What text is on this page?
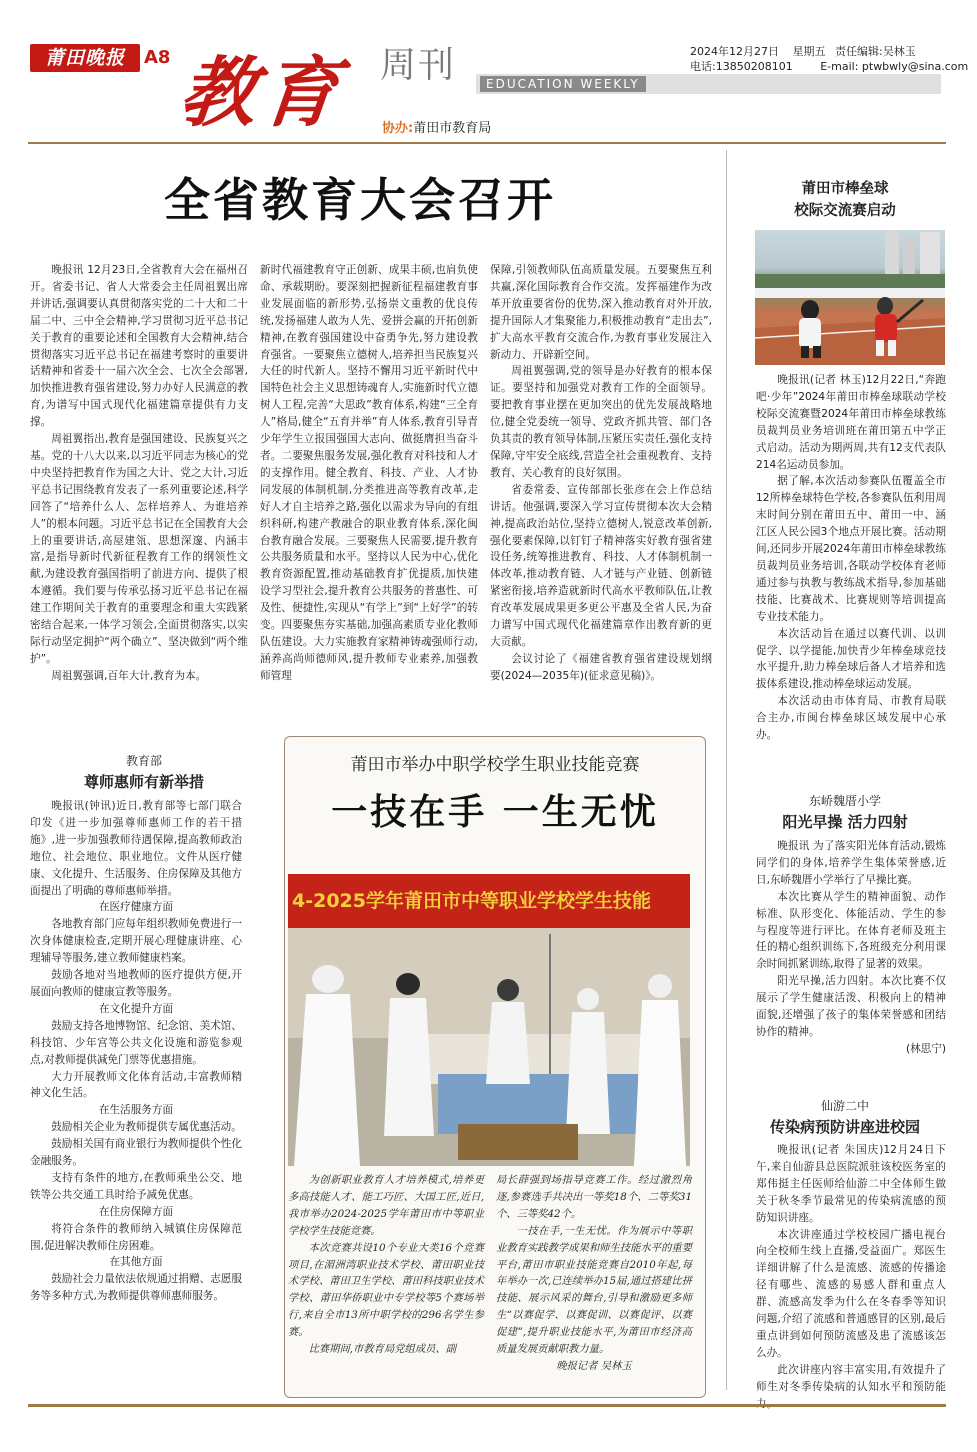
莆田晚报	A8 教育 周刊	EDUCATION WEEKLY
协办:莆田市教育局
2024年12月27日 星期五 责任编辑:吴林玉
电话:13850208101	E-mail: ptwbwly@sina.com
全省教育大会召开

晚报讯 12月23日,全省教育大会在福州召开。省委书记、省人大常委会主任周祖翼出席并讲话,强调要认真贯彻落实党的二十大和二十届二中、三中全会精神,学习贯彻习近平总书记关于教育的重要论述和全国教育大会精神,结合贯彻落实习近平总书记在福建考察时的重要讲话精神和省委十一届六次全会、七次全会部署,加快推进教育强省建设,努力办好人民满意的教育,为谱写中国式现代化福建篇章提供有力支撑。

周祖翼指出,教育是强国建设、民族复兴之基。党的十八大以来,以习近平同志为核心的党中央坚持把教育作为国之大计、党之大计,习近平总书记围绕教育发表了一系列重要论述,科学回答了“培养什么人、怎样培养人、为谁培养人”的根本问题。习近平总书记在全国教育大会上的重要讲话,高屋建瓴、思想深邃、内涵丰富,是指导新时代新征程教育工作的纲领性文献,为建设教育强国指明了前进方向、提供了根本遵循。我们要与传承弘扬习近平总书记在福建工作期间关于教育的重要理念和重大实践紧密结合起来,一体学习领会,全面贯彻落实,以实际行动坚定拥护“两个确立”、坚决做到“两个维护”。

周祖翼强调,百年大计,教育为本。

新时代福建教育守正创新、成果丰硕,也肩负使命、承载期盼。要深刻把握新征程福建教育事业发展面临的新形势,弘扬崇文重教的优良传统,发扬福建人敢为人先、爱拼会赢的开拓创新精神,在教育强国建设中奋勇争先,努力建设教育强省。一要聚焦立德树人,培养担当民族复兴大任的时代新人。坚持不懈用习近平新时代中国特色社会主义思想铸魂育人,实施新时代立德树人工程,完善“大思政”教育体系,构建“三全育人”格局,健全“五育并举”育人体系,教育引导青少年学生立报国强国大志向、做挺膺担当奋斗者。二要聚焦服务发展,强化教育对科技和人才的支撑作用。健全教育、科技、产业、人才协同发展的体制机制,分类推进高等教育改革,走好人才自主培养之路,强化以需求为导向的有组织科研,构建产教融合的职业教育体系,深化闽台教育融合发展。三要聚焦人民需要,提升教育公共服务质量和水平。坚持以人民为中心,优化教育资源配置,推动基础教育扩优提质,加快建设学习型社会,提升教育公共服务的普惠性、可及性、便捷性,实现从“有学上”到“上好学”的转变。四要聚焦夯实基础,加强高素质专业化教师队伍建设。大力实施教育家精神铸魂强师行动,涵养高尚师德师风,提升教师专业素养,加强教师管理

保障,引领教师队伍高质量发展。五要聚焦互利共赢,深化国际教育合作交流。发挥福建作为改革开放重要省份的优势,深入推动教育对外开放,提升国际人才集聚能力,积极推动教育“走出去”,扩大高水平教育交流合作,为教育事业发展注入新动力、开辟新空间。

周祖翼强调,党的领导是办好教育的根本保证。要坚持和加强党对教育工作的全面领导。要把教育事业摆在更加突出的优先发展战略地位,健全党委统一领导、党政齐抓共管、部门各负其责的教育领导体制,压紧压实责任,强化支持保障,守牢安全底线,营造全社会重视教育、支持教育、关心教育的良好氛围。

省委常委、宣传部部长张彦在会上作总结讲话。他强调,要深入学习宣传贯彻本次大会精神,提高政治站位,坚持立德树人,锐意改革创新,强化要素保障,以钉钉子精神落实好教育强省建设任务,统筹推进教育、科技、人才体制机制一体改革,推动教育链、人才链与产业链、创新链紧密衔接,培养造就新时代高水平教师队伍,让教育改革发展成果更多更公平惠及全省人民,为奋力谱写中国式现代化福建篇章作出教育新的更大贡献。

会议讨论了《福建省教育强省建设规划纲要(2024—2035年)(征求意见稿)》。

莆田市棒垒球
校际交流赛启动

晚报讯(记者 林玉)12月22日,“奔跑吧·少年”2024年莆田市棒垒球联动学校校际交流赛暨2024年莆田市棒垒球教练员裁判员业务培训班在莆田第五中学正式启动。活动为期两周,共有12支代表队214名运动员参加。

据了解,本次活动参赛队伍覆盖全市12所棒垒球特色学校,各参赛队伍利用周末时间分别在莆田五中、莆田一中、涵江区人民公园3个地点开展比赛。活动期间,还同步开展2024年莆田市棒垒球教练员裁判员业务培训,各联动学校体育老师通过参与执教与教练战术指导,参加基础技能、比赛战术、比赛规则等培训提高专业技术能力。

本次活动旨在通过以赛代训、以训促学、以学提能,加快青少年棒垒球竞技水平提升,助力棒垒球后备人才培养和选拔体系建设,推动棒垒球运动发展。

本次活动由市体育局、市教育局联合主办,市闽台棒垒球区域发展中心承办。

东峤魏厝小学
阳光早操 活力四射

晚报讯 为了落实阳光体育活动,锻炼同学们的身体,培养学生集体荣誉感,近日,东峤魏厝小学举行了早操比赛。

本次比赛从学生的精神面貌、动作标准、队形变化、体能活动、学生的参与程度等进行评比。在体育老师及班主任的精心组织训练下,各班级充分利用课余时间抓紧训练,取得了显著的效果。

阳光早操,活力四射。本次比赛不仅展示了学生健康活泼、积极向上的精神面貌,还增强了孩子的集体荣誉感和团结协作的精神。

(林思宁)

仙游二中
传染病预防讲座进校园

晚报讯(记者 朱国庆)12月24日下午,来自仙游县总医院派驻该校医务室的郑伟挺主任医师给仙游二中全体师生做关于秋冬季节最常见的传染病流感的预防知识讲座。

本次讲座通过学校校园广播电视台向全校师生线上直播,受益面广。郑医生详细讲解了什么是流感、流感的传播途径有哪些、流感的易感人群和重点人群、流感高发季为什么在冬春季等知识问题,介绍了流感和普通感冒的区别,最后重点讲到如何预防流感及患了流感该怎么办。

此次讲座内容丰富实用,有效提升了师生对冬季传染病的认知水平和预防能

教育部
尊师惠师有新举措

晚报讯(钟讯)近日,教育部等七部门联合印发《进一步加强尊师惠师工作的若干措施》,进一步加强教师待遇保障,提高教师政治地位、社会地位、职业地位。文件从医疗健康、文化提升、生活服务、住房保障及其他方面提出了明确的尊师惠师举措。

在医疗健康方面

各地教育部门应每年组织教师免费进行一次身体健康检查,定期开展心理健康讲座、心理辅导等服务,建立教师健康档案。

鼓励各地对当地教师的医疗提供方便,开展面向教师的健康宣教等服务。

在文化提升方面

鼓励支持各地博物馆、纪念馆、美术馆、科技馆、少年宫等公共文化设施和游览参观点,对教师提供减免门票等优惠措施。

大力开展教师文化体育活动,丰富教师精神文化生活。

在生活服务方面

鼓励相关企业为教师提供专属优惠活动。

鼓励相关国有商业银行为教师提供个性化金融服务。

支持有条件的地方,在教师乘坐公交、地铁等公共交通工具时给予减免优惠。

在住房保障方面

将符合条件的教师纳入城镇住房保障范围,促进解决教师住房困难。

在其他方面

鼓励社会力量依法依规通过捐赠、志愿服务等多种方式,为教师提供尊师惠师服务。

莆田市举办中职学校学生职业技能竞赛
一技在手 一生无忧
4-2025学年莆田市中等职业学校学生技能

为创新职业教育人才培养模式,培养更多高技能人才、能工巧匠、大国工匠,近日,我市举办2024-2025学年莆田市中等职业学校学生技能竞赛。

本次竞赛共设10个专业大类16个竞赛项目,在湄洲湾职业技术学校、莆田职业技术学校、莆田卫生学校、莆田科技职业技术学校、莆田华侨职业中专学校等5个赛场举行,来自全市13所中职学校的296名学生参赛。

比赛期间,市教育局党组成员、副

局长薛强到场指导竞赛工作。经过激烈角逐,参赛选手共决出一等奖18个、二等奖31个、三等奖42个。

一技在手,一生无忧。作为展示中等职业教育实践教学成果和师生技能水平的重要平台,莆田市职业技能竞赛自2010年起,每年举办一次,已连续举办15届,通过搭建比拼技能、展示风采的舞台,引导和激励更多师生“以赛促学、以赛促训、以赛促评、以赛促建”,提升职业技能水平,为莆田市经济高质量发展贡献职教力量。

晚报记者 吴林玉
